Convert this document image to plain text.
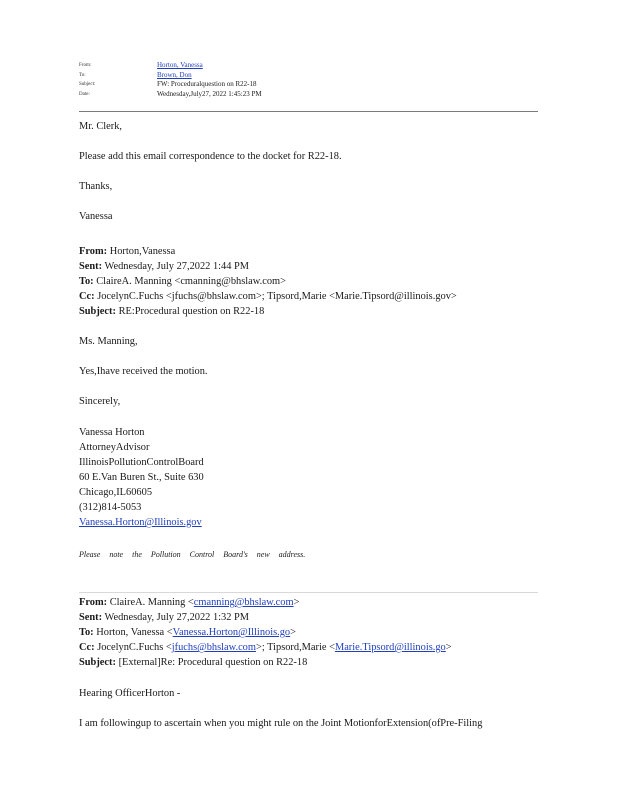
From:	Horton, Vanessa
To:	Brown, Don
Subject:	FW: Proceduralquestion on R22-18
Date:	Wednesday,July27, 2022 1:45:23 PM
Mr. Clerk,
Please add this email correspondence to the docket for R22-18.
Thanks,
Vanessa
From: Horton,Vanessa
Sent: Wednesday, July 27,2022 1:44 PM
To: ClaireA. Manning <cmanning@bhslaw.com>
Cc: JocelynC.Fuchs <jfuchs@bhslaw.com>; Tipsord,Marie <Marie.Tipsord@illinois.gov>
Subject: RE:Procedural question on R22-18
Ms. Manning,
Yes,Ihave received the motion.
Sincerely,
Vanessa Horton
AttorneyAdvisor
IllinoisPollutionControlBoard
60 E.Van Buren St., Suite 630
Chicago,IL60605
(312)814-5053
Vanessa.Horton@Illinois.gov
Please note the Pollution Control Board's new address.
From: ClaireA. Manning <cmanning@bhslaw.com>
Sent: Wednesday, July 27,2022 1:32 PM
To: Horton, Vanessa <Vanessa.Horton@Illinois.go>
Cc: JocelynC.Fuchs <jfuchs@bhslaw.com>; Tipsord,Marie <Marie.Tipsord@illinois.go>
Subject: [External]Re: Procedural question on R22-18
Hearing OfficerHorton -
I am followingup to ascertain when you might rule on the Joint MotionforExtension(ofPre-Filing
